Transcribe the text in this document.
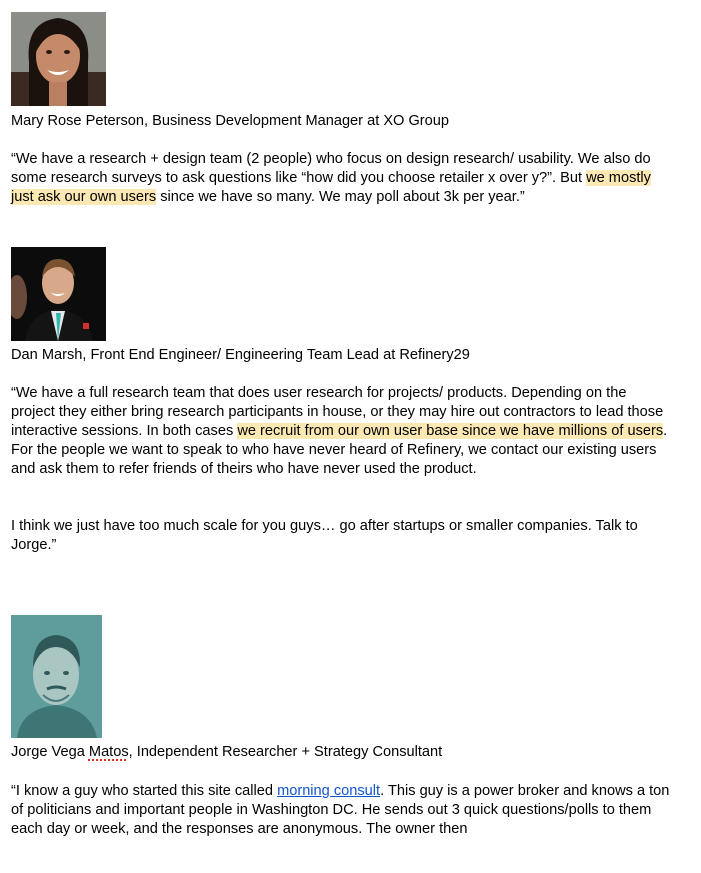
Mary Rose Peterson, Business Development Manager at XO Group

“We have a research + design team (2 people) who focus on design research/ usability. We also do some research surveys to ask questions like “how did you choose retailer x over y?”. But we mostly just ask our own users since we have so many. We may poll about 3k per year.”

Dan Marsh, Front End Engineer/ Engineering Team Lead at Refinery29

“We have a full research team that does user research for projects/ products. Depending on the project they either bring research participants in house, or they may hire out contractors to lead those interactive sessions. In both cases we recruit from our own user base since we have millions of users. For the people we want to speak to who have never heard of Refinery, we contact our existing users and ask them to refer friends of theirs who have never used the product.

I think we just have too much scale for you guys… go after startups or smaller companies. Talk to Jorge.”

Jorge Vega Matos, Independent Researcher + Strategy Consultant

“I know a guy who started this site called morning consult. This guy is a power broker and knows a ton of politicians and important people in Washington DC. He sends out 3 quick questions/polls to them each day or week, and the responses are anonymous. The owner then
